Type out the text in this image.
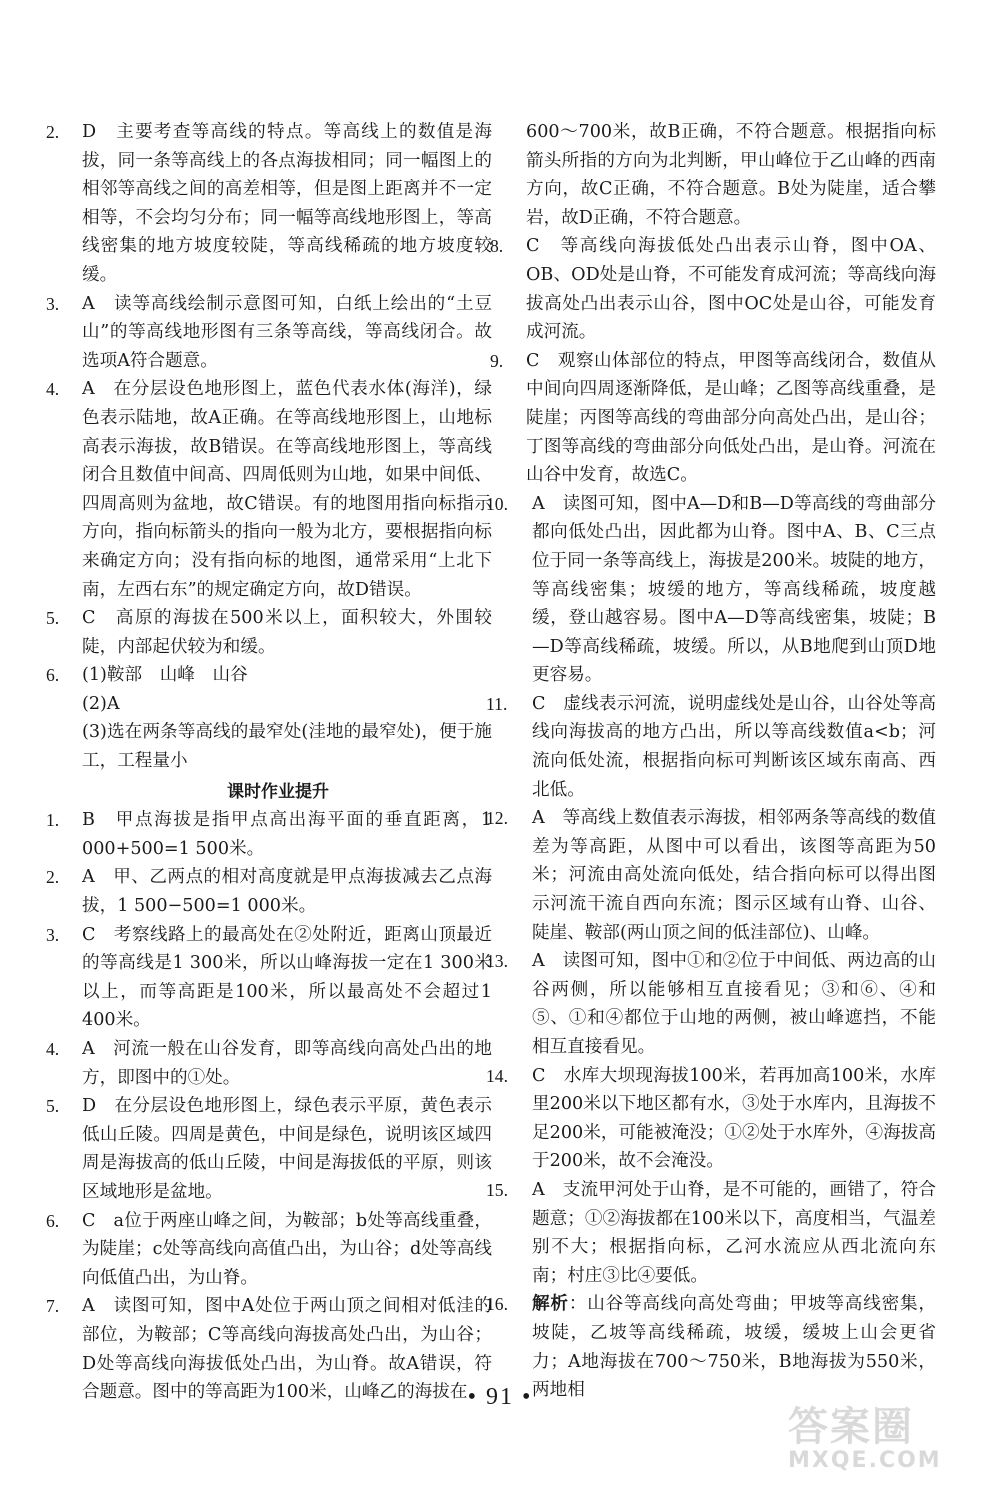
2.	D　主要考查等高线的特点。等高线上的数值是海拔，同一条等高线上的各点海拔相同；同一幅图上的相邻等高线之间的高差相等，但是图上距离并不一定相等，不会均匀分布；同一幅等高线地形图上，等高线密集的地方坡度较陡，等高线稀疏的地方坡度较缓。
3.	A　读等高线绘制示意图可知，白纸上绘出的“土豆山”的等高线地形图有三条等高线，等高线闭合。故选项A符合题意。
4.	A　在分层设色地形图上，蓝色代表水体(海洋)，绿色表示陆地，故A正确。在等高线地形图上，山地标高表示海拔，故B错误。在等高线地形图上，等高线闭合且数值中间高、四周低则为山地，如果中间低、四周高则为盆地，故C错误。有的地图用指向标指示方向，指向标箭头的指向一般为北方，要根据指向标来确定方向；没有指向标的地图，通常采用“上北下南，左西右东”的规定确定方向，故D错误。
5.	C　高原的海拔在500米以上，面积较大，外围较陡，内部起伏较为和缓。
6.	(1)鞍部　山峰　山谷
(2)A
(3)选在两条等高线的最窄处(洼地的最窄处)，便于施工，工程量小
课时作业提升
1.	B　甲点海拔是指甲点高出海平面的垂直距离，1 000+500=1 500米。
2.	A　甲、乙两点的相对高度就是甲点海拔减去乙点海拔，1 500−500=1 000米。
3.	C　考察线路上的最高处在②处附近，距离山顶最近的等高线是1 300米，所以山峰海拔一定在1 300米以上，而等高距是100米，所以最高处不会超过1 400米。
4.	A　河流一般在山谷发育，即等高线向高处凸出的地方，即图中的①处。
5.	D　在分层设色地形图上，绿色表示平原，黄色表示低山丘陵。四周是黄色，中间是绿色，说明该区域四周是海拔高的低山丘陵，中间是海拔低的平原，则该区域地形是盆地。
6.	C　a位于两座山峰之间，为鞍部；b处等高线重叠，为陡崖；c处等高线向高值凸出，为山谷；d处等高线向低值凸出，为山脊。
7.	A　读图可知，图中A处位于两山顶之间相对低洼的部位，为鞍部；C等高线向海拔高处凸出，为山谷；D处等高线向海拔低处凸出，为山脊。故A错误，符合题意。图中的等高距为100米，山峰乙的海拔在
600～700米，故B正确，不符合题意。根据指向标箭头所指的方向为北判断，甲山峰位于乙山峰的西南方向，故C正确，不符合题意。B处为陡崖，适合攀岩，故D正确，不符合题意。
8.	C　等高线向海拔低处凸出表示山脊，图中OA、OB、OD处是山脊，不可能发育成河流；等高线向海拔高处凸出表示山谷，图中OC处是山谷，可能发育成河流。
9.	C　观察山体部位的特点，甲图等高线闭合，数值从中间向四周逐渐降低，是山峰；乙图等高线重叠，是陡崖；丙图等高线的弯曲部分向高处凸出，是山谷；丁图等高线的弯曲部分向低处凸出，是山脊。河流在山谷中发育，故选C。
10.	A　读图可知，图中A—D和B—D等高线的弯曲部分都向低处凸出，因此都为山脊。图中A、B、C三点位于同一条等高线上，海拔是200米。坡陡的地方，等高线密集；坡缓的地方，等高线稀疏，坡度越缓，登山越容易。图中A—D等高线密集，坡陡；B—D等高线稀疏，坡缓。所以，从B地爬到山顶D地更容易。
11.	C　虚线表示河流，说明虚线处是山谷，山谷处等高线向海拔高的地方凸出，所以等高线数值a<b；河流向低处流，根据指向标可判断该区域东南高、西北低。
12.	A　等高线上数值表示海拔，相邻两条等高线的数值差为等高距，从图中可以看出，该图等高距为50米；河流由高处流向低处，结合指向标可以得出图示河流干流自西向东流；图示区域有山脊、山谷、陡崖、鞍部(两山顶之间的低洼部位)、山峰。
13.	A　读图可知，图中①和②位于中间低、两边高的山谷两侧，所以能够相互直接看见；③和⑥、④和⑤、①和④都位于山地的两侧，被山峰遮挡，不能相互直接看见。
14.	C　水库大坝现海拔100米，若再加高100米，水库里200米以下地区都有水，③处于水库内，且海拔不足200米，可能被淹没；①②处于水库外，④海拔高于200米，故不会淹没。
15.	A　支流甲河处于山脊，是不可能的，画错了，符合题意；①②海拔都在100米以下，高度相当，气温差别不大；根据指向标，乙河水流应从西北流向东南；村庄③比④要低。
16.	解析：山谷等高线向高处弯曲；甲坡等高线密集，坡陡，乙坡等高线稀疏，坡缓，缓坡上山会更省力；A地海拔在700～750米，B地海拔为550米，两地相
• 91 •
答案圈
MXQE.COM
